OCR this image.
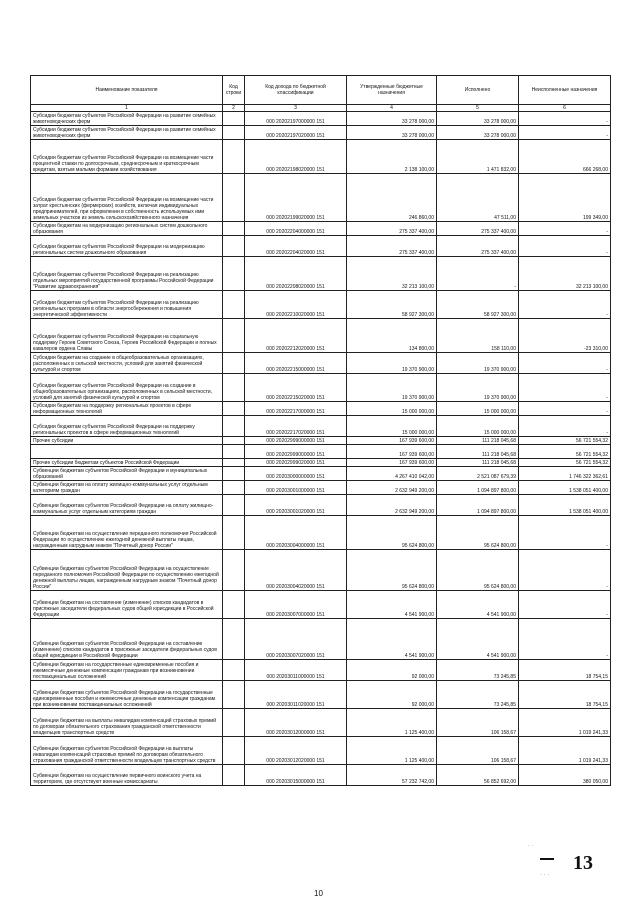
Наименование показателя	Код строки	Код дохода по бюджетной классификации	Утвержденные бюджетные назначения	Исполнено	Неисполненные назначения
1	2	3	4	5	6
Субсидии бюджетам субъектов Российской Федерации на развитие семейных животноводческих ферм		000 20202197000000 151	33 278 000,00	33 278 000,00	-
Субсидии бюджетам субъектов Российской Федерации на развитие семейных животноводческих ферм		000 20202197020000 151	33 278 000,00	33 278 000,00	-
Субсидии бюджетам субъектов Российской Федерации на возмещение части процентной ставки по долгосрочным, среднесрочным и краткосрочным кредитам, взятым малыми формами хозяйствования		000 20202198020000 151	2 138 100,00	1 471 832,00	666 268,00
Субсидии бюджетам субъектов Российской Федерации на возмещение части затрат крестьянских (фермерских) хозяйств, включая индивидуальных предпринимателей, при оформлении в собственность используемых ими земельных участков из земель сельскохозяйственного назначения		000 20202199020000 151	246 860,00	47 511,00	199 349,00
Субсидии бюджетам на модернизацию региональных систем дошкольного образования		000 20202204000000 151	275 337 400,00	275 337 400,00	-
Субсидии бюджетам субъектов Российской Федерации на модернизацию региональных систем дошкольного образования		000 20202204020000 151	275 337 400,00	275 337 400,00	-
Субсидии бюджетам субъектов Российской Федерации на реализацию отдельных мероприятий государственной программы Российской Федерации "Развитие здравоохранения"		000 20202208020000 151	32 213 100,00	-	32 213 100,00
Субсидии бюджетам субъектов Российской Федерации на реализацию региональных программ в области энергосбережения и повышения энергетической эффективности		000 20202210020000 151	58 927 300,00	58 927 300,00	-
Субсидии бюджетам субъектов Российской Федерации на социальную поддержку Героев Советского Союза, Героев Российской Федерации и полных кавалеров ордена Славы		000 20202212020000 151	134 800,00	158 110,00	-23 310,00
Субсидии бюджетам на создание в общеобразовательных организациях, расположенных в сельской местности, условий для занятий физической культурой и спортом		000 20202215000000 151	19 370 900,00	19 370 900,00	-
Субсидии бюджетам субъектов Российской Федерации на создание в общеобразовательных организациях, расположенных в сельской местности, условий для занятий физической культурой и спортом		000 20202215020000 151	19 370 900,00	19 370 900,00	-
Субсидии бюджетам на поддержку региональных проектов в сфере информационных технологий		000 20202217000000 151	15 000 000,00	15 000 000,00	-
Субсидии бюджетам субъектов Российской Федерации на поддержку региональных проектов в сфере информационных технологий		000 20202217020000 151	15 000 000,00	15 000 000,00	-
Прочие субсидии		000 20202999000000 151	167 939 600,00	111 218 045,68	56 721 554,32
		000 20202999000000 151	167 939 600,00	111 218 045,68	56 721 554,32
Прочие субсидии бюджетам субъектов Российской Федерации		000 20202999020000 151	167 939 600,00	111 218 045,68	56 721 554,32
Субвенции бюджетам субъектов Российской Федерации и муниципальных образований		000 20203000000000 151	4 267 410 042,00	2 521 087 679,39	1 746 322 362,61
Субвенции бюджетам на оплату жилищно-коммунальных услуг отдельным категориям граждан		000 20203001000000 151	2 632 949 200,00	1 094 897 800,00	1 538 051 400,00
Субвенции бюджетам субъектов Российской Федерации на оплату жилищно-коммунальных услуг отдельным категориям граждан		000 20203001020000 151	2 632 949 200,00	1 094 897 800,00	1 538 051 400,00
Субвенции бюджетам на осуществление переданного полномочия Российской Федерации по осуществлению ежегодной денежной выплаты лицам, награжденным нагрудным знаком "Почетный донор России"		000 20203004000000 151	95 624 800,00	95 624 800,00	-
Субвенции бюджетам субъектов Российской Федерации на осуществление переданного полномочия Российской Федерации по осуществлению ежегодной денежной выплаты лицам, награжденным нагрудным знаком "Почетный донор России"		000 20203004020000 151	95 624 800,00	95 624 800,00	-
Субвенции бюджетам на составление (изменение) списков кандидатов в присяжные заседатели федеральных судов общей юрисдикции в Российской Федерации		000 20203007000000 151	4 541 900,00	4 541 900,00	-
Субвенции бюджетам субъектов Российской Федерации на составление (изменение) списков кандидатов в присяжные заседатели федеральных судов общей юрисдикции в Российской Федерации		000 20203007020000 151	4 541 900,00	4 541 900,00	-
Субвенции бюджетам на государственные единовременные пособия и ежемесячные денежные компенсации гражданам при возникновении поствакцинальных осложнений		000 20203011000000 151	92 000,00	73 245,85	18 754,15
Субвенции бюджетам субъектов Российской Федерации на государственные единовременные пособия и ежемесячные денежные компенсации гражданам при возникновении поствакцинальных осложнений		000 20203011020000 151	92 000,00	73 245,85	18 754,15
Субвенции бюджетам на выплаты инвалидам компенсаций страховых премий по договорам обязательного страхования гражданской ответственности владельцев транспортных средств		000 20203012000000 151	1 125 400,00	106 158,67	1 019 241,33
Субвенции бюджетам субъектов Российской Федерации на выплаты инвалидам компенсаций страховых премий по договорам обязательного страхования гражданской ответственности владельцев транспортных средств		000 20203012020000 151	1 125 400,00	106 158,67	1 019 241,33
Субвенции бюджетам на осуществление первичного воинского учета на территориях, где отсутствуют военные комиссариаты		000 20203015000000 151	57 232 742,00	56 852 692,00	380 050,00
· ·
13
· · ·
10
